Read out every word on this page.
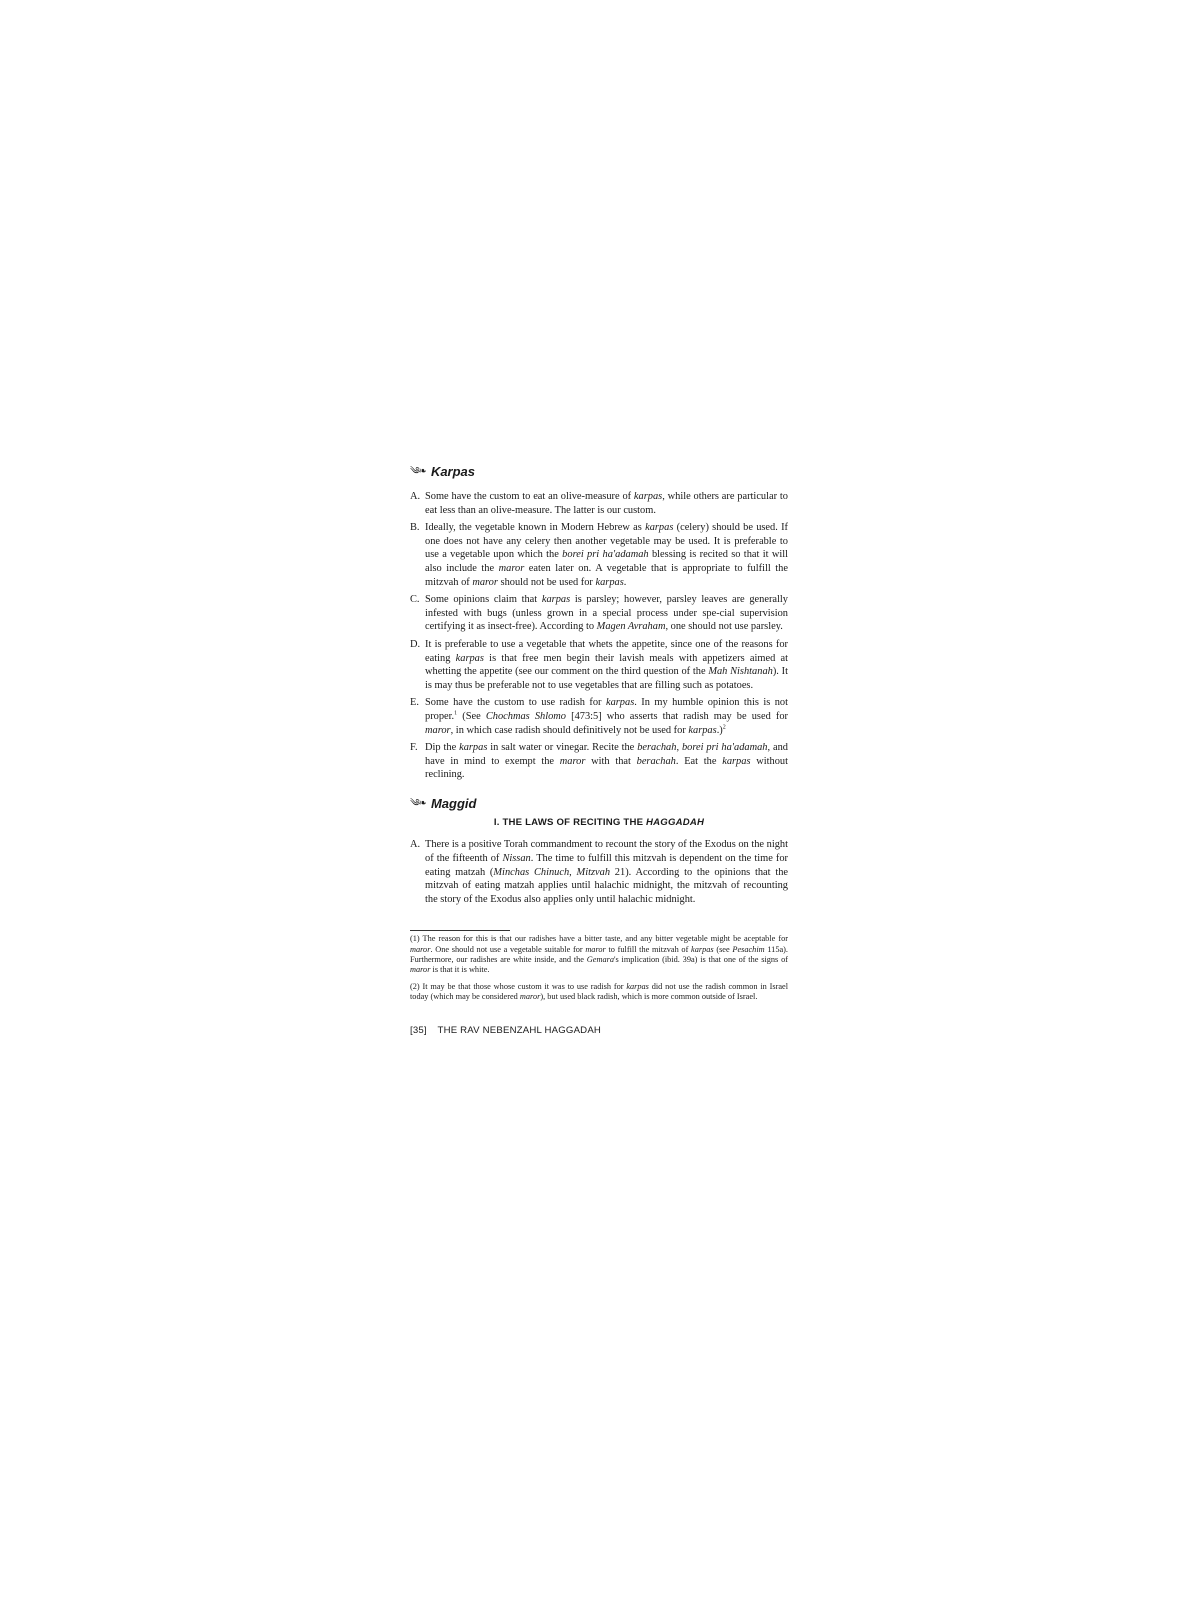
༄❧ Karpas
A. Some have the custom to eat an olive-measure of karpas, while others are particular to eat less than an olive-measure. The latter is our custom.
B. Ideally, the vegetable known in Modern Hebrew as karpas (celery) should be used. If one does not have any celery then another vegetable may be used. It is preferable to use a vegetable upon which the borei pri ha'adamah blessing is recited so that it will also include the maror eaten later on. A vegetable that is appropriate to fulfill the mitzvah of maror should not be used for karpas.
C. Some opinions claim that karpas is parsley; however, parsley leaves are generally infested with bugs (unless grown in a special process under spe-cial supervision certifying it as insect-free). According to Magen Avraham, one should not use parsley.
D. It is preferable to use a vegetable that whets the appetite, since one of the reasons for eating karpas is that free men begin their lavish meals with appetizers aimed at whetting the appetite (see our comment on the third question of the Mah Nishtanah). It is may thus be preferable not to use vegetables that are filling such as potatoes.
E. Some have the custom to use radish for karpas. In my humble opinion this is not proper.$^1$ (See Chochmas Shlomo [473:5] who asserts that radish may be used for maror, in which case radish should definitively not be used for karpas.)$^2$
F. Dip the karpas in salt water or vinegar. Recite the berachah, borei pri ha'adamah, and have in mind to exempt the maror with that berachah. Eat the karpas without reclining.
༄❧ Maggid
I. THE LAWS OF RECITING THE HAGGADAH
A. There is a positive Torah commandment to recount the story of the Exodus on the night of the fifteenth of Nissan. The time to fulfill this mitzvah is dependent on the time for eating matzah (Minchas Chinuch, Mitzvah 21). According to the opinions that the mitzvah of eating matzah applies until halachic midnight, the mitzvah of recounting the story of the Exodus also applies only until halachic midnight.
(1) The reason for this is that our radishes have a bitter taste, and any bitter vegetable might be aceptable for maror. One should not use a vegetable suitable for maror to fulfill the mitzvah of karpas (see Pesachim 115a). Furthermore, our radishes are white inside, and the Gemara's implication (ibid. 39a) is that one of the signs of maror is that it is white.
(2) It may be that those whose custom it was to use radish for karpas did not use the radish common in Israel today (which may be considered maror), but used black radish, which is more common outside of Israel.
[35] THE RAV NEBENZAHL HAGGADAH
